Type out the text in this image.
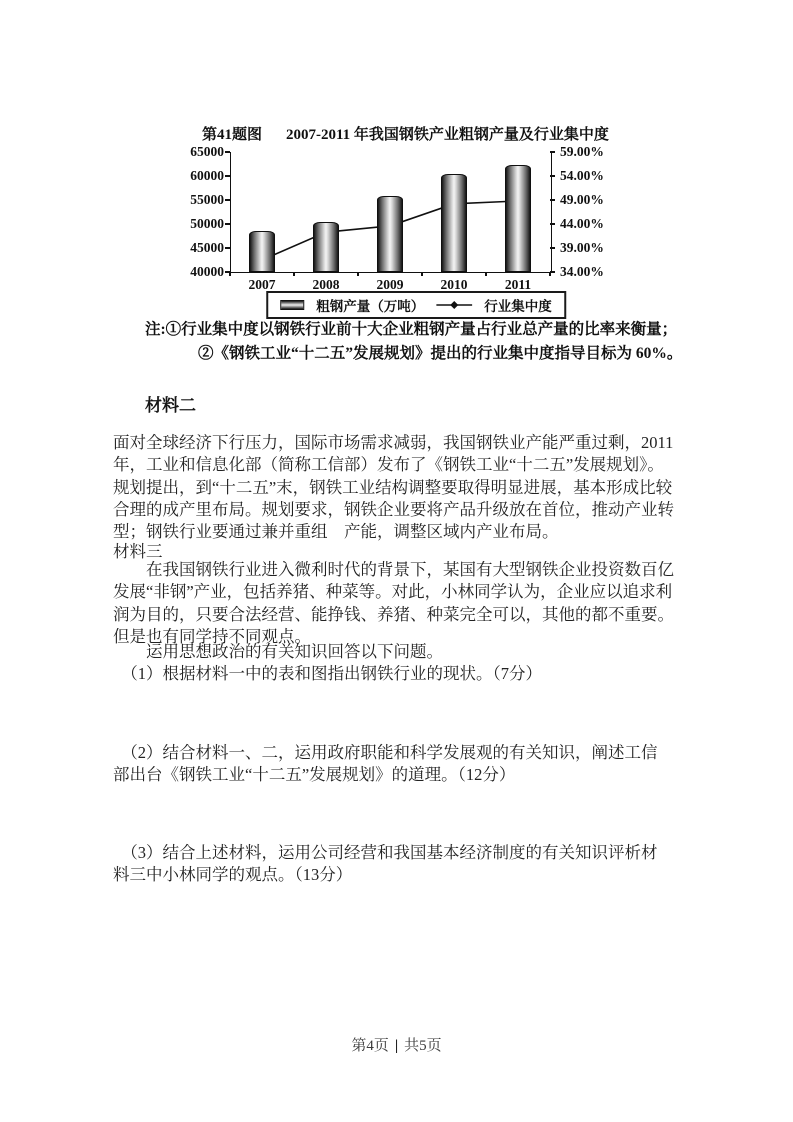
第41题图 2007-2011 年我国钢铁产业粗钢产量及行业集中度
粗钢产量（万吨）	行业集中度
65000	59.00%
60000	54.00%
55000	49.00%
50000	44.00%
45000	39.00%
40000	34.00%
2007	2008	2009	2010	2011
注:①行业集中度以钢铁行业前十大企业粗钢产量占行业总产量的比率来衡量；
②《钢铁工业“十二五”发展规划》提出的行业集中度指导目标为 60%。
材料二
面对全球经济下行压力，国际市场需求减弱，我国钢铁业产能严重过剩，2011
年，工业和信息化部（简称工信部）发布了《钢铁工业“十二五”发展规划》。
规划提出，到“十二五”末，钢铁工业结构调整要取得明显进展，基本形成比较
合理的成产里布局。规划要求，钢铁企业要将产品升级放在首位，推动产业转
型；钢铁行业要通过兼并重组　产能，调整区域内产业布局。
材料三
　　在我国钢铁行业进入微利时代的背景下，某国有大型钢铁企业投资数百亿
发展“非钢”产业，包括养猪、种菜等。对此，小林同学认为，企业应以追求利
润为目的，只要合法经营、能挣钱、养猪、种菜完全可以，其他的都不重要。
但是也有同学持不同观点。
　　运用思想政治的有关知识回答以下问题。
　（1）根据材料一中的表和图指出钢铁行业的现状。（7分）
　（2）结合材料一、二，运用政府职能和科学发展观的有关知识，阐述工信
部出台《钢铁工业“十二五”发展规划》的道理。（12分）
　（3）结合上述材料，运用公司经营和我国基本经济制度的有关知识评析材
料三中小林同学的观点。（13分）
第4页 | 共5页
